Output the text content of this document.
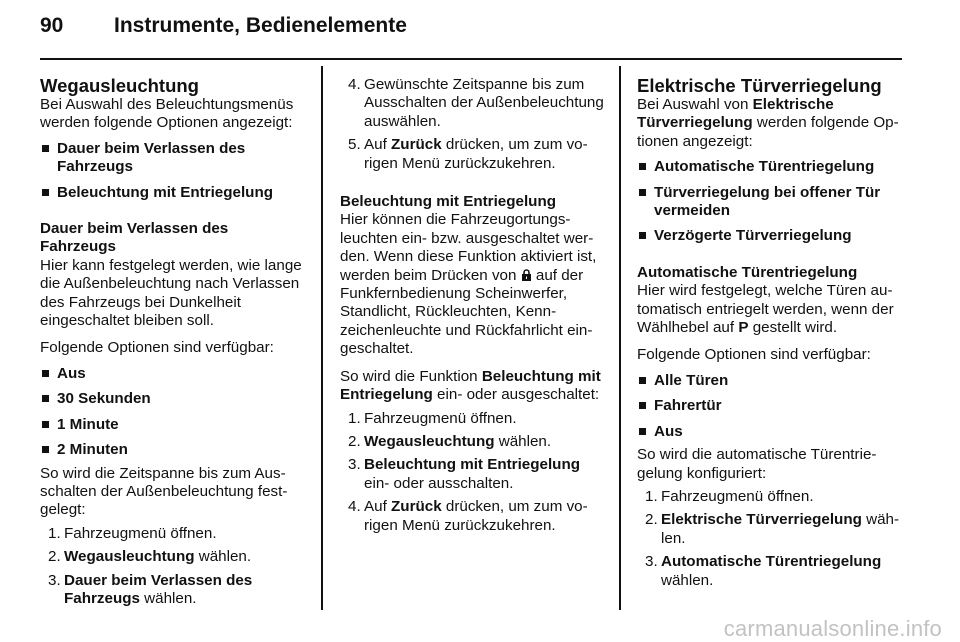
90	Instrumente, Bedienelemente
Wegausleuchtung

Bei Auswahl des Beleuchtungsmenüs werden folgende Optionen angezeigt:

Dauer beim Verlassen des Fahrzeugs
Beleuchtung mit Entriegelung

Dauer beim Verlassen des Fahrzeugs

Hier kann festgelegt werden, wie lange die Außenbeleuchtung nach Verlassen des Fahrzeugs bei Dunkelheit eingeschaltet bleiben soll.

Folgende Optionen sind verfügbar:

Aus
30 Sekunden
1 Minute
2 Minuten

So wird die Zeitspanne bis zum Ausschalten der Außenbeleuchtung festgelegt:

1. Fahrzeugmenü öffnen.
2. Wegausleuchtung wählen.
3. Dauer beim Verlassen des Fahrzeugs wählen.
4. Gewünschte Zeitspanne bis zum Ausschalten der Außenbeleuchtung auswählen.
5. Auf Zurück drücken, um zum vorigen Menü zurückzukehren.

Beleuchtung mit Entriegelung

Hier können die Fahrzeugortungsleuchten ein- bzw. ausgeschaltet werden. Wenn diese Funktion aktiviert ist, werden beim Drücken von  auf der Funkfernbedienung Scheinwerfer, Standlicht, Rückleuchten, Kennzeichenleuchte und Rückfahrlicht eingeschaltet.

So wird die Funktion Beleuchtung mit Entriegelung ein- oder ausgeschaltet:

1. Fahrzeugmenü öffnen.
2. Wegausleuchtung wählen.
3. Beleuchtung mit Entriegelung ein- oder ausschalten.
4. Auf Zurück drücken, um zum vorigen Menü zurückzukehren.
Elektrische Türverriegelung

Bei Auswahl von Elektrische Türverriegelung werden folgende Optionen angezeigt:

Automatische Türentriegelung
Türverriegelung bei offener Tür vermeiden
Verzögerte Türverriegelung

Automatische Türentriegelung

Hier wird festgelegt, welche Türen automatisch entriegelt werden, wenn der Wählhebel auf P gestellt wird.

Folgende Optionen sind verfügbar:

Alle Türen
Fahrertür
Aus

So wird die automatische Türentriegelung konfiguriert:

1. Fahrzeugmenü öffnen.
2. Elektrische Türverriegelung wählen.
3. Automatische Türentriegelung wählen.
carmanualsonline.info
